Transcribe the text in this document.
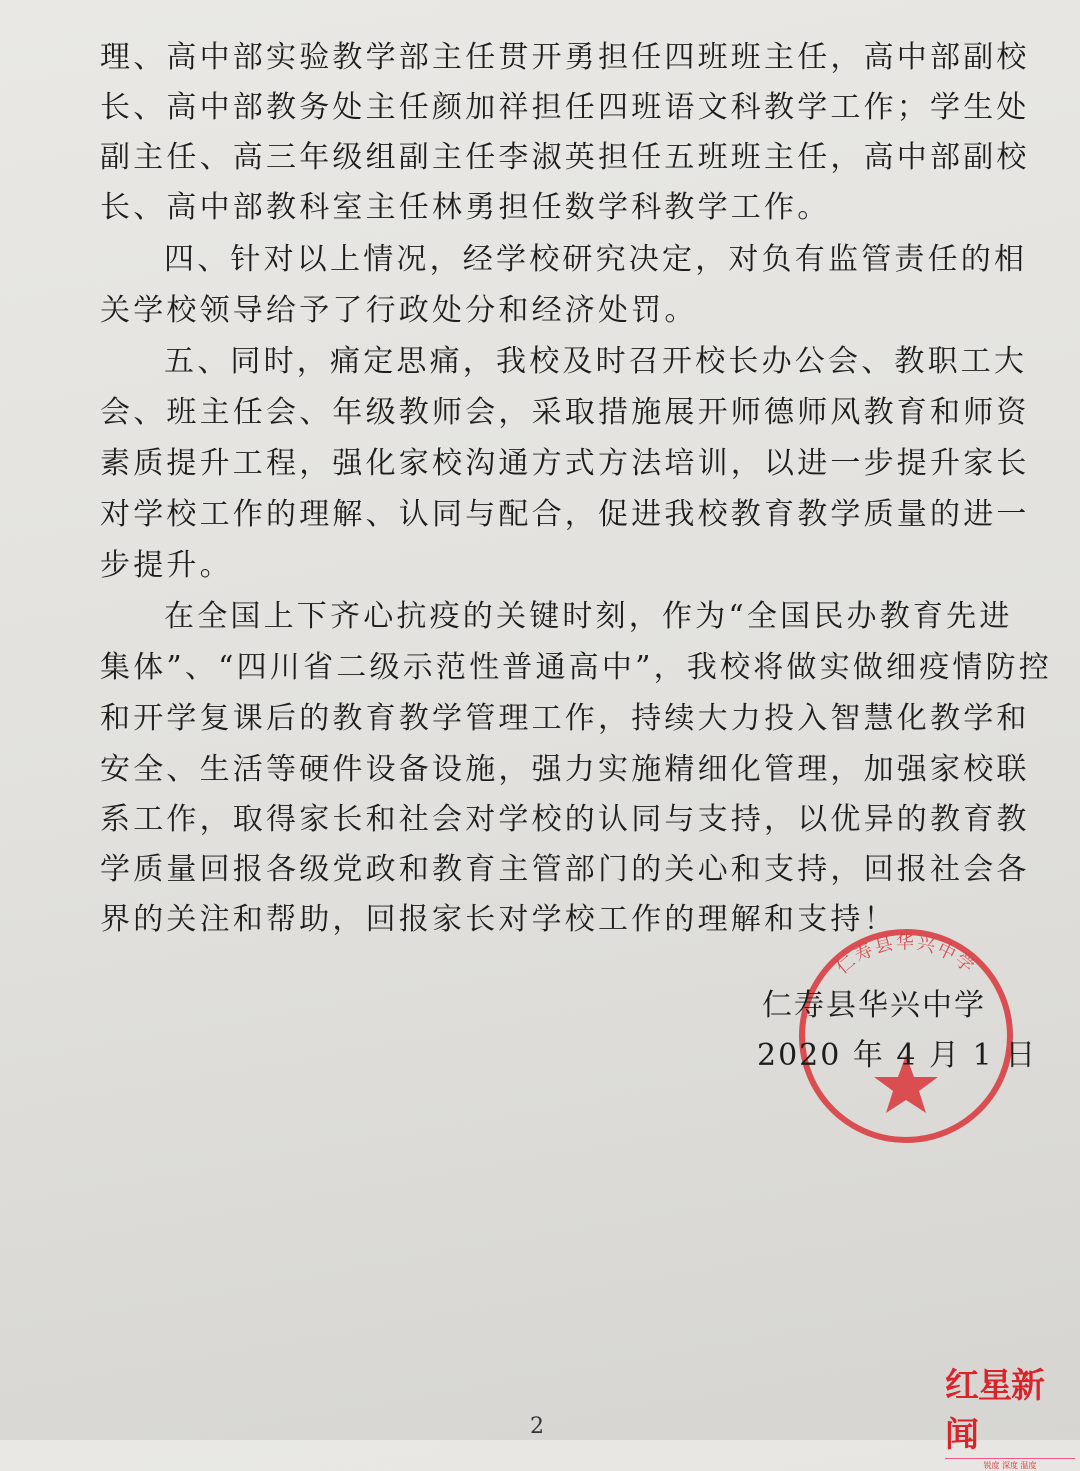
理、高中部实验教学部主任贯开勇担任四班班主任，高中部副校
长、高中部教务处主任颜加祥担任四班语文科教学工作；学生处
副主任、高三年级组副主任李淑英担任五班班主任，高中部副校
长、高中部教科室主任林勇担任数学科教学工作。
四、针对以上情况，经学校研究决定，对负有监管责任的相
关学校领导给予了行政处分和经济处罚。
五、同时，痛定思痛，我校及时召开校长办公会、教职工大
会、班主任会、年级教师会，采取措施展开师德师风教育和师资
素质提升工程，强化家校沟通方式方法培训，以进一步提升家长
对学校工作的理解、认同与配合，促进我校教育教学质量的进一
步提升。
在全国上下齐心抗疫的关键时刻，作为“全国民办教育先进
集体”、“四川省二级示范性普通高中”，我校将做实做细疫情防控
和开学复课后的教育教学管理工作，持续大力投入智慧化教学和
安全、生活等硬件设备设施，强力实施精细化管理，加强家校联
系工作，取得家长和社会对学校的认同与支持，以优异的教育教
学质量回报各级党政和教育主管部门的关心和支持，回报社会各
界的关注和帮助，回报家长对学校工作的理解和支持！
仁寿县华兴中学
仁寿县华兴中学
2020 年 4 月 1 日
红星新闻
锐度 深度 温度
2
